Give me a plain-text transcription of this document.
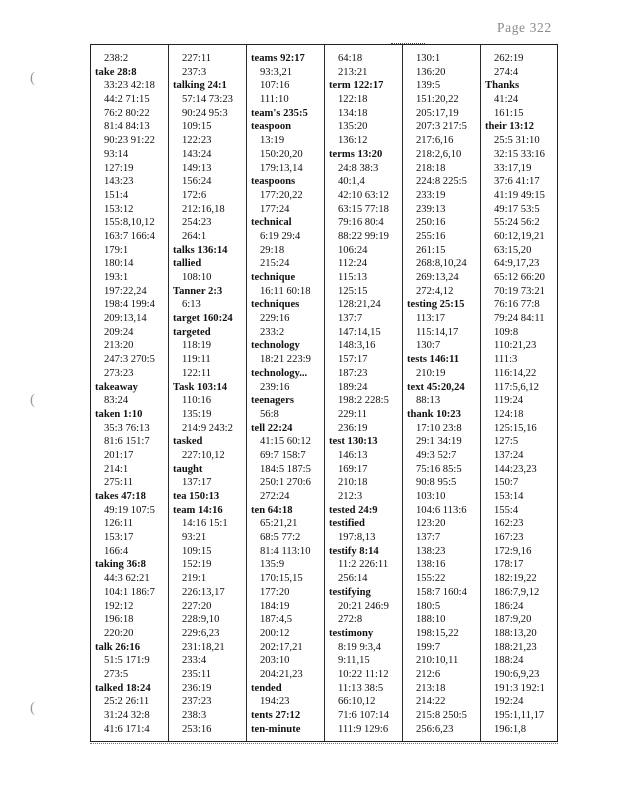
Page 322
(
(
(
238:2
take 28:8
33:23 42:18
44:2 71:15
76:2 80:22
81:4 84:13
90:23 91:22
93:14
127:19
143:23
151:4
153:12
155:8,10,12
163:7 166:4
179:1
180:14
193:1
197:22,24
198:4 199:4
209:13,14
209:24
213:20
247:3 270:5
273:23
takeaway
83:24
taken 1:10
35:3 76:13
81:6 151:7
201:17
214:1
275:11
takes 47:18
49:19 107:5
126:11
153:17
166:4
taking 36:8
44:3 62:21
104:1 186:7
192:12
196:18
220:20
talk 26:16
51:5 171:9
273:5
talked 18:24
25:2 26:11
31:24 32:8
41:6 171:4
227:11
237:3
talking 24:1
57:14 73:23
90:24 95:3
109:15
122:23
143:24
149:13
156:24
172:6
212:16,18
254:23
264:1
talks 136:14
tallied
108:10
Tanner 2:3
6:13
target 160:24
targeted
118:19
119:11
122:11
Task 103:14
110:16
135:19
214:9 243:2
tasked
227:10,12
taught
137:17
tea 150:13
team 14:16
14:16 15:1
93:21
109:15
152:19
219:1
226:13,17
227:20
228:9,10
229:6,23
231:18,21
233:4
235:11
236:19
237:23
238:3
253:16
teams 92:17
93:3,21
107:16
111:10
team's 235:5
teaspoon
13:19
150:20,20
179:13,14
teaspoons
177:20,22
177:24
technical
6:19 29:4
29:18
215:24
technique
16:11 60:18
techniques
229:16
233:2
technology
18:21 223:9
technology...
239:16
teenagers
56:8
tell 22:24
41:15 60:12
69:7 158:7
184:5 187:5
250:1 270:6
272:24
ten 64:18
65:21,21
68:5 77:2
81:4 113:10
135:9
170:15,15
177:20
184:19
187:4,5
200:12
202:17,21
203:10
204:21,23
tended
194:23
tents 27:12
ten-minute
64:18
213:21
term 122:17
122:18
134:18
135:20
136:12
terms 13:20
24:8 38:3
40:1,4
42:10 63:12
63:15 77:18
79:16 80:4
88:22 99:19
106:24
112:24
115:13
125:15
128:21,24
137:7
147:14,15
148:3,16
157:17
187:23
189:24
198:2 228:5
229:11
236:19
test 130:13
146:13
169:17
210:18
212:3
tested 24:9
testified
197:8,13
testify 8:14
11:2 226:11
256:14
testifying
20:21 246:9
272:8
testimony
8:19 9:3,4
9:11,15
10:22 11:12
11:13 38:5
66:10,12
71:6 107:14
111:9 129:6
130:1
136:20
139:5
151:20,22
205:17,19
207:3 217:5
217:6,16
218:2,6,10
218:18
224:8 225:5
233:19
239:13
250:16
255:16
261:15
268:8,10,24
269:13,24
272:4,12
testing 25:15
113:17
115:14,17
130:7
tests 146:11
210:19
text 45:20,24
88:13
thank 10:23
17:10 23:8
29:1 34:19
49:3 52:7
75:16 85:5
90:8 95:5
103:10
104:6 113:6
123:20
137:7
138:23
138:16
155:22
158:7 160:4
180:5
188:10
198:15,22
199:7
210:10,11
212:6
213:18
214:22
215:8 250:5
256:6,23
262:19
274:4
Thanks
41:24
161:15
their 13:12
25:5 31:10
32:15 33:16
33:17,19
37:6 41:17
41:19 49:15
49:17 53:5
55:24 56:2
60:12,19,21
63:15,20
64:9,17,23
65:12 66:20
70:19 73:21
76:16 77:8
79:24 84:11
109:8
110:21,23
111:3
116:14,22
117:5,6,12
119:24
124:18
125:15,16
127:5
137:24
144:23,23
150:7
153:14
155:4
162:23
167:23
172:9,16
178:17
182:19,22
186:7,9,12
186:24
187:9,20
188:13,20
188:21,23
188:24
190:6,9,23
191:3 192:1
192:24
195:1,11,17
196:1,8
